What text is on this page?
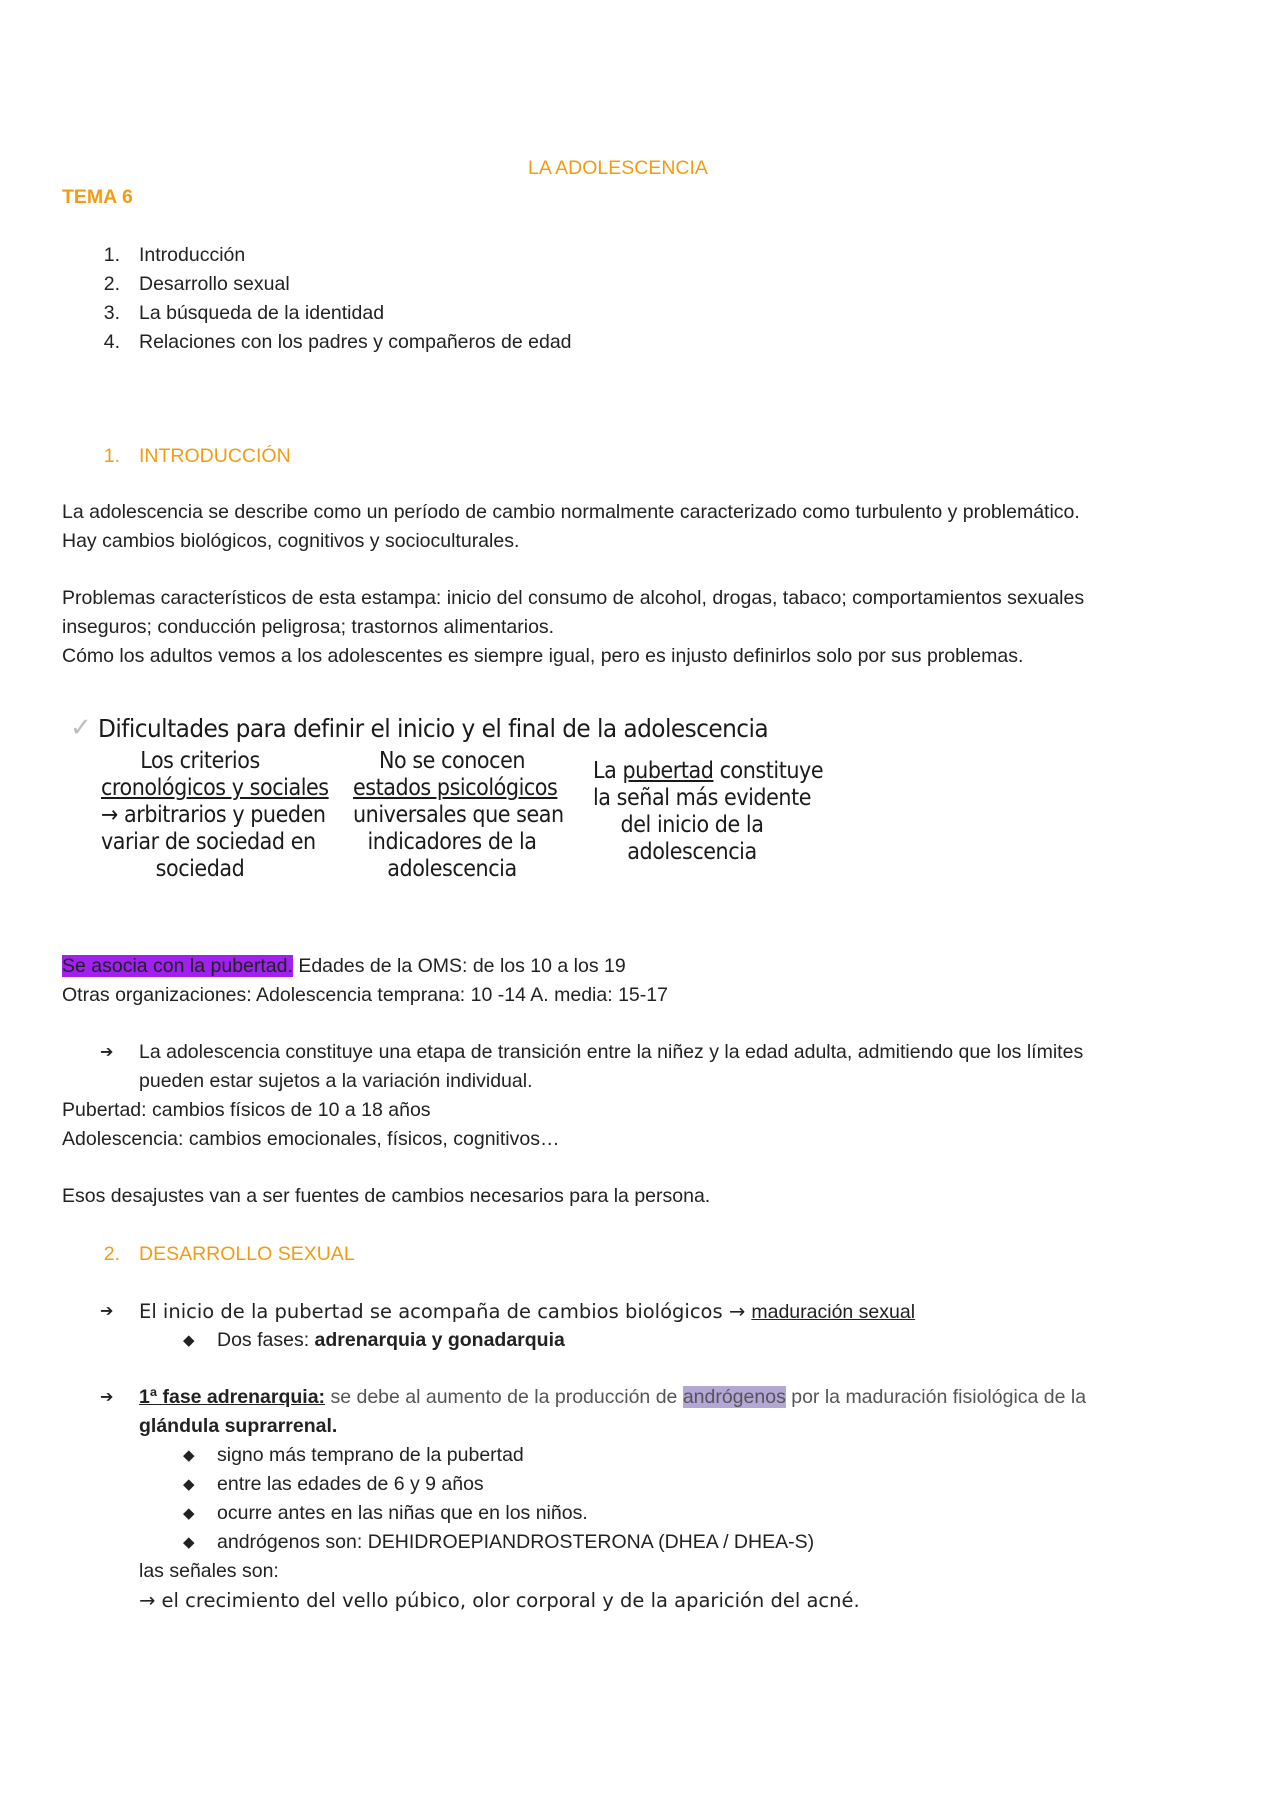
LA ADOLESCENCIA
TEMA 6
1. Introducción
2. Desarrollo sexual
3. La búsqueda de la identidad
4. Relaciones con los padres y compañeros de edad
1. INTRODUCCIÓN
La adolescencia se describe como un período de cambio normalmente caracterizado como turbulento y problemático.
Hay cambios biológicos, cognitivos y socioculturales.
Problemas característicos de esta estampa: inicio del consumo de alcohol, drogas, tabaco; comportamientos sexuales
inseguros; conducción peligrosa; trastornos alimentarios.
Cómo los adultos vemos a los adolescentes es siempre igual, pero es injusto definirlos solo por sus problemas.
✓ Dificultades para definir el inicio y el final de la adolescencia
Los criterios
cronológicos y sociales
→ arbitrarios y pueden
variar de sociedad en
sociedad
No se conocen
estados psicológicos
universales que sean
indicadores de la
adolescencia
La pubertad constituye
la señal más evidente
del inicio de la
adolescencia
Se asocia con la pubertad. Edades de la OMS: de los 10 a los 19
Otras organizaciones: Adolescencia temprana: 10 -14 A. media: 15-17
➔ La adolescencia constituye una etapa de transición entre la niñez y la edad adulta, admitiendo que los límites
pueden estar sujetos a la variación individual.
Pubertad: cambios físicos de 10 a 18 años
Adolescencia: cambios emocionales, físicos, cognitivos…
Esos desajustes van a ser fuentes de cambios necesarios para la persona.
2. DESARROLLO SEXUAL
➔ El inicio de la pubertad se acompaña de cambios biológicos → maduración sexual
◆ Dos fases: adrenarquia y gonadarquia
➔ 1ª fase adrenarquia: se debe al aumento de la producción de andrógenos por la maduración fisiológica de la
glándula suprarrenal.
◆ signo más temprano de la pubertad
◆ entre las edades de 6 y 9 años
◆ ocurre antes en las niñas que en los niños.
◆ andrógenos son: DEHIDROEPIANDROSTERONA (DHEA / DHEA-S)
las señales son:
→ el crecimiento del vello púbico, olor corporal y de la aparición del acné.
